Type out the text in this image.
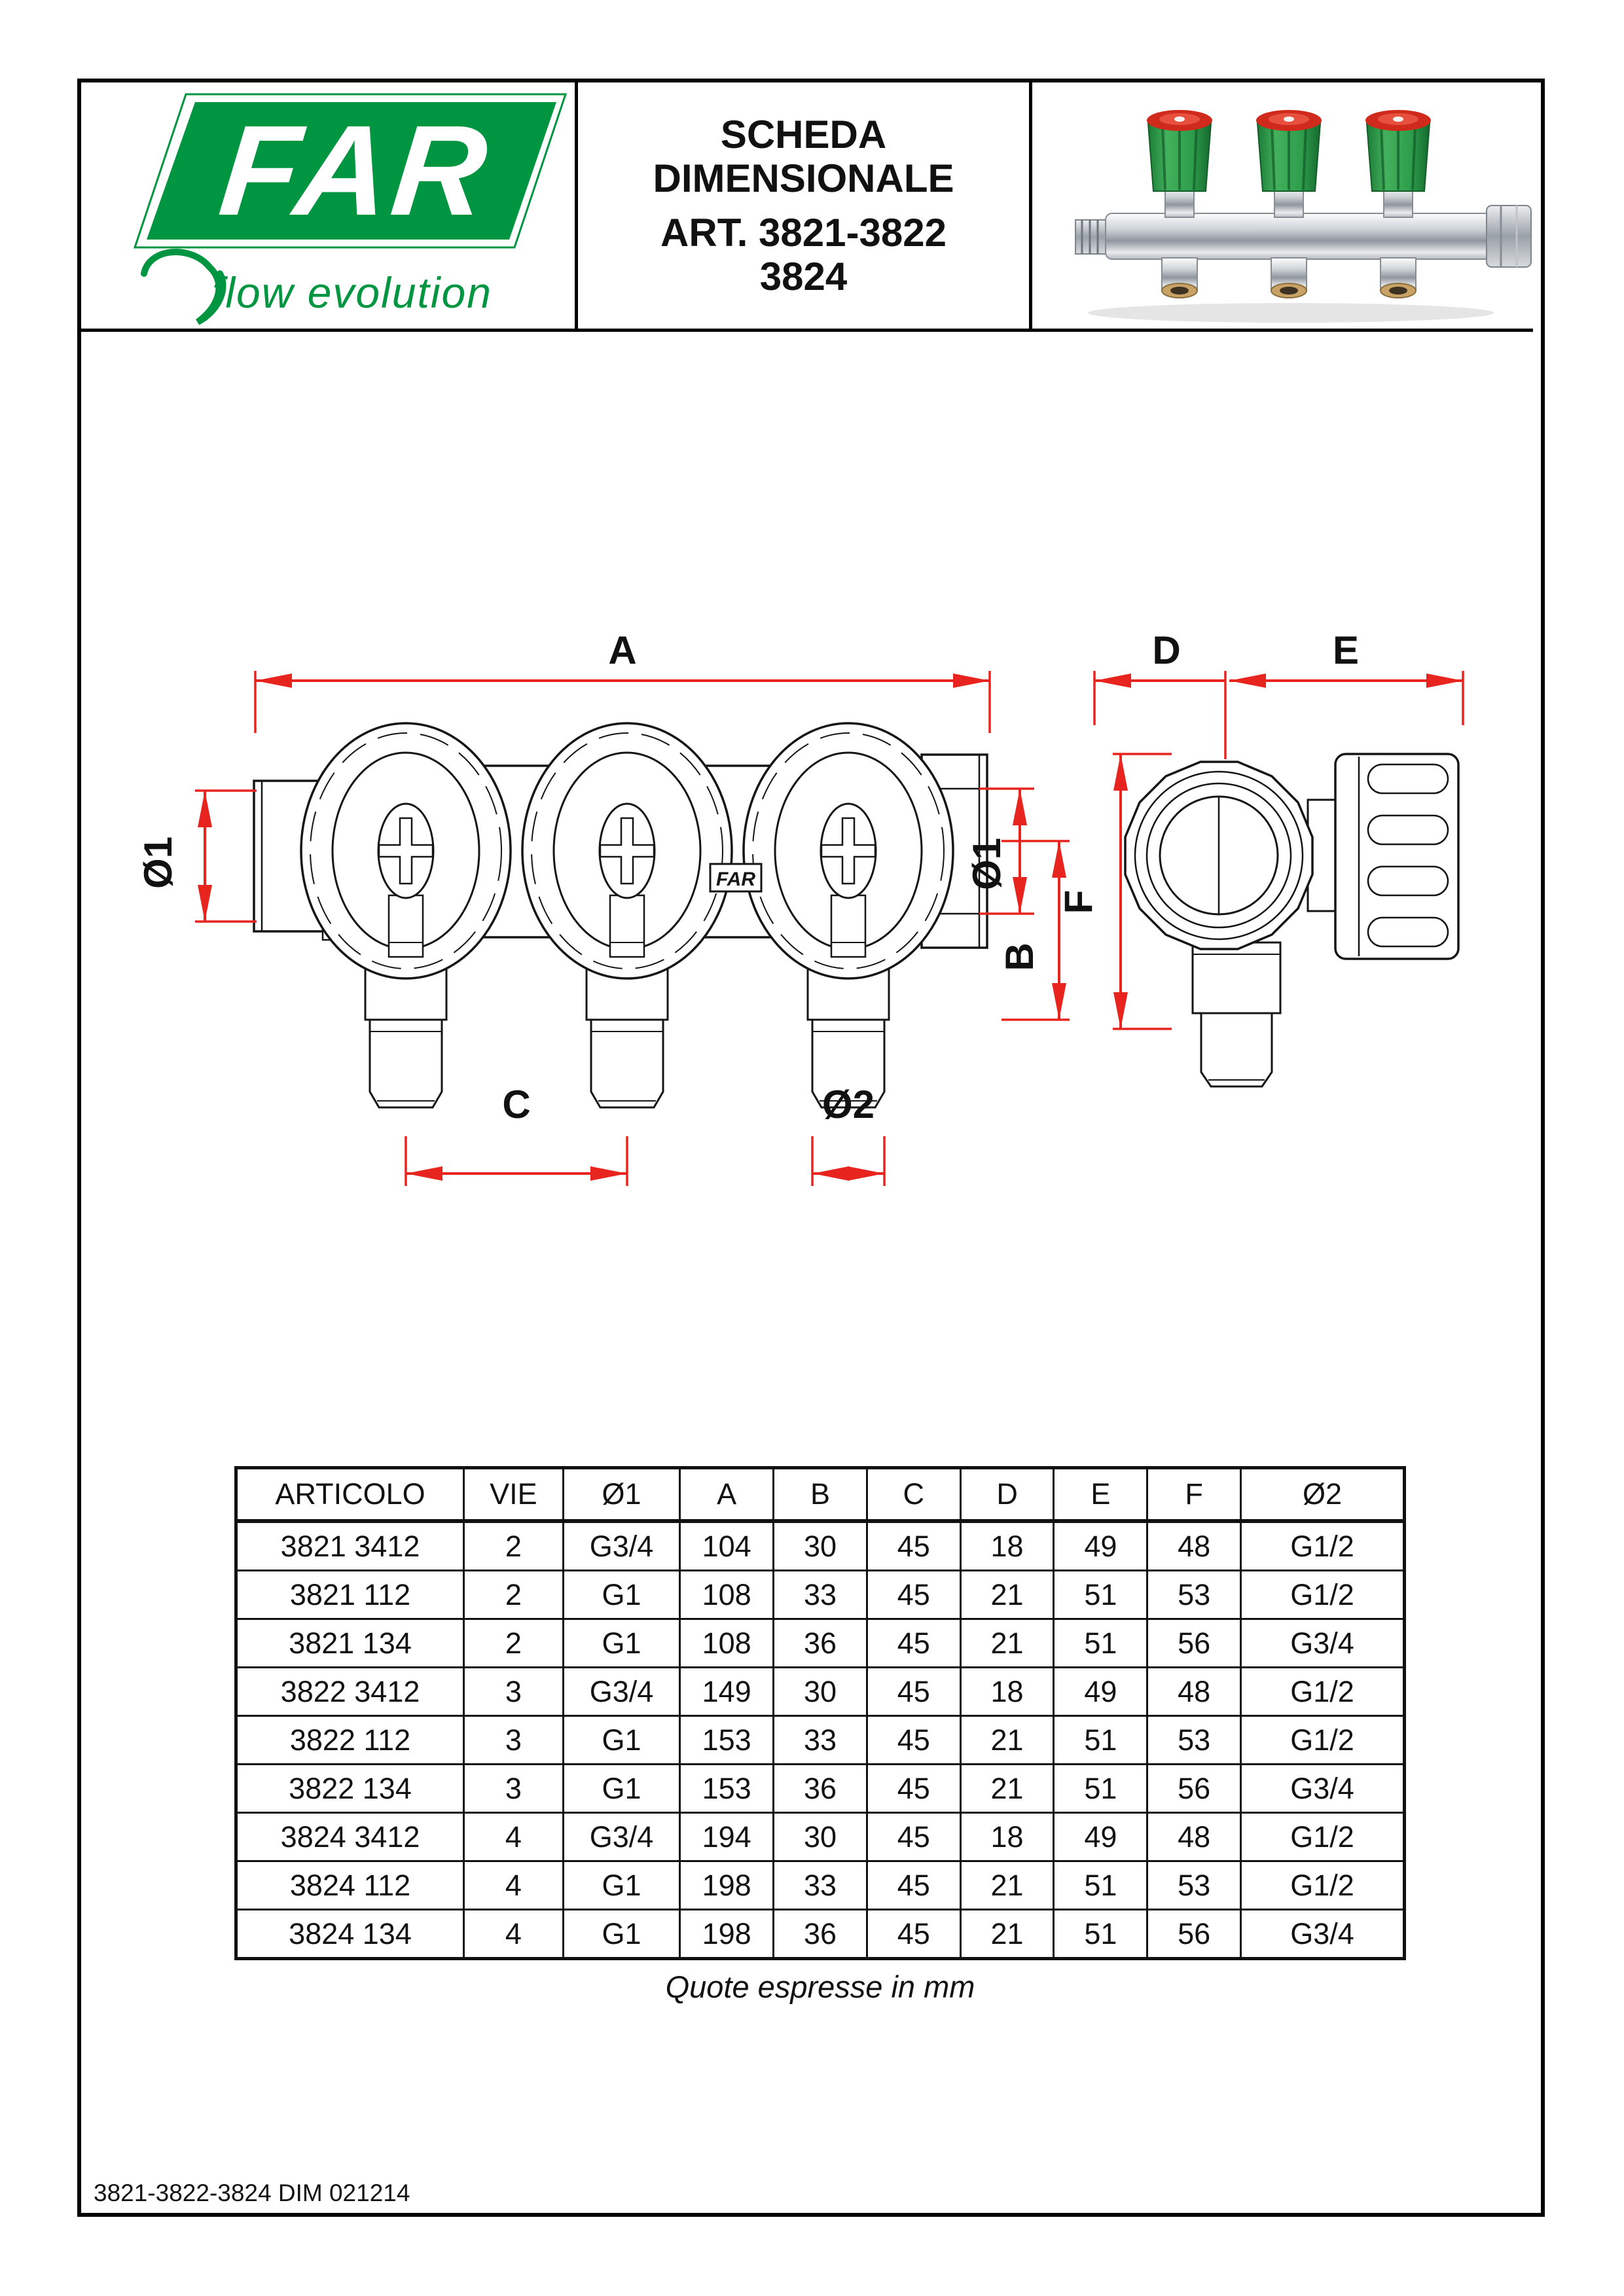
FAR
flow evolution
SCHEDA
DIMENSIONALE
ART. 3821-3822
3824
FAR
A	D	E
Ø1	Ø1
B
F
C	Ø2
ARTICOLO	VIE	Ø1	A	B	C	D	E	F	Ø2
3821 3412	2	G3/4	104	30	45	18	49	48	G1/2
3821 112	2	G1	108	33	45	21	51	53	G1/2
3821 134	2	G1	108	36	45	21	51	56	G3/4
3822 3412	3	G3/4	149	30	45	18	49	48	G1/2
3822 112	3	G1	153	33	45	21	51	53	G1/2
3822 134	3	G1	153	36	45	21	51	56	G3/4
3824 3412	4	G3/4	194	30	45	18	49	48	G1/2
3824 112	4	G1	198	33	45	21	51	53	G1/2
3824 134	4	G1	198	36	45	21	51	56	G3/4
Quote espresse in mm
3821-3822-3824 DIM 021214
